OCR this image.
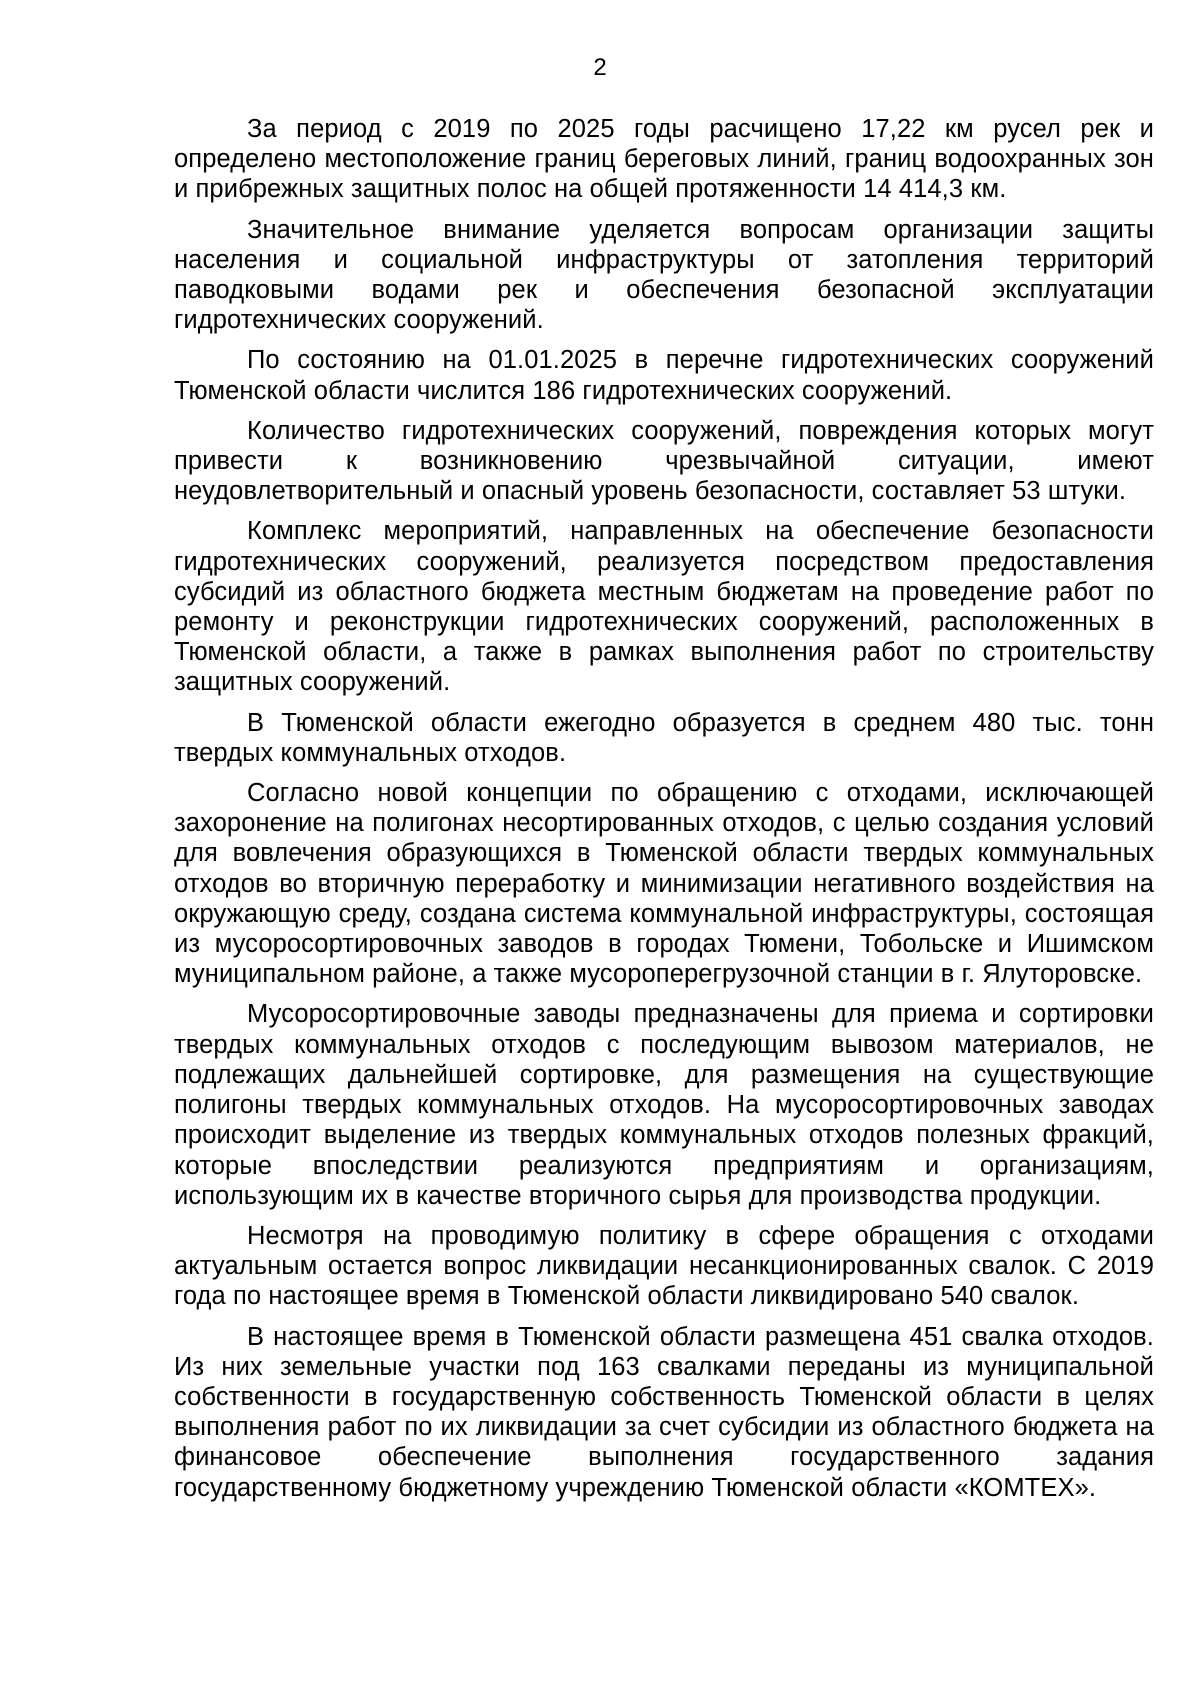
2

За период с 2019 по 2025 годы расчищено 17,22 км русел рек и определено местоположение границ береговых линий, границ водоохранных зон и прибрежных защитных полос на общей протяженности 14 414,3 км.

Значительное внимание уделяется вопросам организации защиты населения и социальной инфраструктуры от затопления территорий паводковыми водами рек и обеспечения безопасной эксплуатации гидротехнических сооружений.

По состоянию на 01.01.2025 в перечне гидротехнических сооружений Тюменской области числится 186 гидротехнических сооружений.

Количество гидротехнических сооружений, повреждения которых могут привести к возникновению чрезвычайной ситуации, имеют неудовлетворительный и опасный уровень безопасности, составляет 53 штуки.

Комплекс мероприятий, направленных на обеспечение безопасности гидротехнических сооружений, реализуется посредством предоставления субсидий из областного бюджета местным бюджетам на проведение работ по ремонту и реконструкции гидротехнических сооружений, расположенных в Тюменской области, а также в рамках выполнения работ по строительству защитных сооружений.

В Тюменской области ежегодно образуется в среднем 480 тыс. тонн твердых коммунальных отходов.

Согласно новой концепции по обращению с отходами, исключающей захоронение на полигонах несортированных отходов, с целью создания условий для вовлечения образующихся в Тюменской области твердых коммунальных отходов во вторичную переработку и минимизации негативного воздействия на окружающую среду, создана система коммунальной инфраструктуры, состоящая из мусоросортировочных заводов в городах Тюмени, Тобольске и Ишимском муниципальном районе, а также мусороперегрузочной станции в г. Ялуторовске.

Мусоросортировочные заводы предназначены для приема и сортировки твердых коммунальных отходов с последующим вывозом материалов, не подлежащих дальнейшей сортировке, для размещения на существующие полигоны твердых коммунальных отходов. На мусоросортировочных заводах происходит выделение из твердых коммунальных отходов полезных фракций, которые впоследствии реализуются предприятиям и организациям, использующим их в качестве вторичного сырья для производства продукции.

Несмотря на проводимую политику в сфере обращения с отходами актуальным остается вопрос ликвидации несанкционированных свалок. С 2019 года по настоящее время в Тюменской области ликвидировано 540 свалок.

В настоящее время в Тюменской области размещена 451 свалка отходов. Из них земельные участки под 163 свалками переданы из муниципальной собственности в государственную собственность Тюменской области в целях выполнения работ по их ликвидации за счет субсидии из областного бюджета на финансовое обеспечение выполнения государственного задания государственному бюджетному учреждению Тюменской области «КОМТЕХ».
